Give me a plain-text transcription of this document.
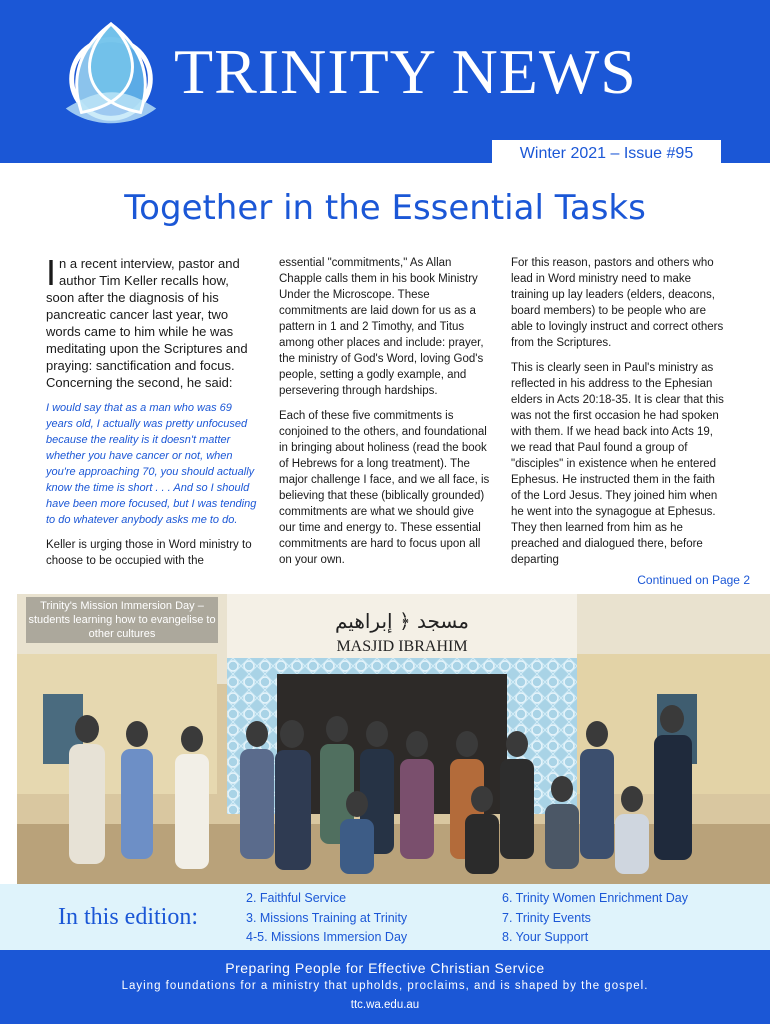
TRINITY NEWS
Winter 2021 – Issue #95
Together in the Essential Tasks

In a recent interview, pastor and author Tim Keller recalls how, soon after the diagnosis of his pancreatic cancer last year, two words came to him while he was meditating upon the Scriptures and praying: sanctification and focus. Concerning the second, he said:

I would say that as a man who was 69 years old, I actually was pretty unfocused because the reality is it doesn't matter whether you have cancer or not, when you're approaching 70, you should actually know the time is short . . . And so I should have been more focused, but I was tending to do whatever anybody asks me to do.

Keller is urging those in Word ministry to choose to be occupied with the

essential "commitments," As Allan Chapple calls them in his book Ministry Under the Microscope. These commitments are laid down for us as a pattern in 1 and 2 Timothy, and Titus among other places and include: prayer, the ministry of God's Word, loving God's people, setting a godly example, and persevering through hardships.

Each of these five commitments is conjoined to the others, and foundational in bringing about holiness (read the book of Hebrews for a long treatment). The major challenge I face, and we all face, is believing that these (biblically grounded) commitments are what we should give our time and energy to. These essential commitments are hard to focus upon all on your own.

For this reason, pastors and others who lead in Word ministry need to make training up lay leaders (elders, deacons, board members) to be people who are able to lovingly instruct and correct others from the Scriptures.

This is clearly seen in Paul's ministry as reflected in his address to the Ephesian elders in Acts 20:18-35. It is clear that this was not the first occasion he had spoken with them. If we head back into Acts 19, we read that Paul found a group of "disciples" in existence when he entered Ephesus. He instructed them in the faith of the Lord Jesus. They joined him when he went into the synagogue at Ephesus. They then learned from him as he preached and dialogued there, before departing

Continued on Page 2
مسجد ﴿ إبراهيم
MASJID IBRAHIM
Trinity's Mission Immersion Day – students learning how to evangelise to other cultures
In this edition:
2. Faithful Service
3. Missions Training at Trinity
4-5. Missions Immersion Day
6. Trinity Women Enrichment Day
7. Trinity Events
8. Your Support
Preparing People for Effective Christian Service
Laying foundations for a ministry that upholds, proclaims, and is shaped by the gospel.
ttc.wa.edu.au
